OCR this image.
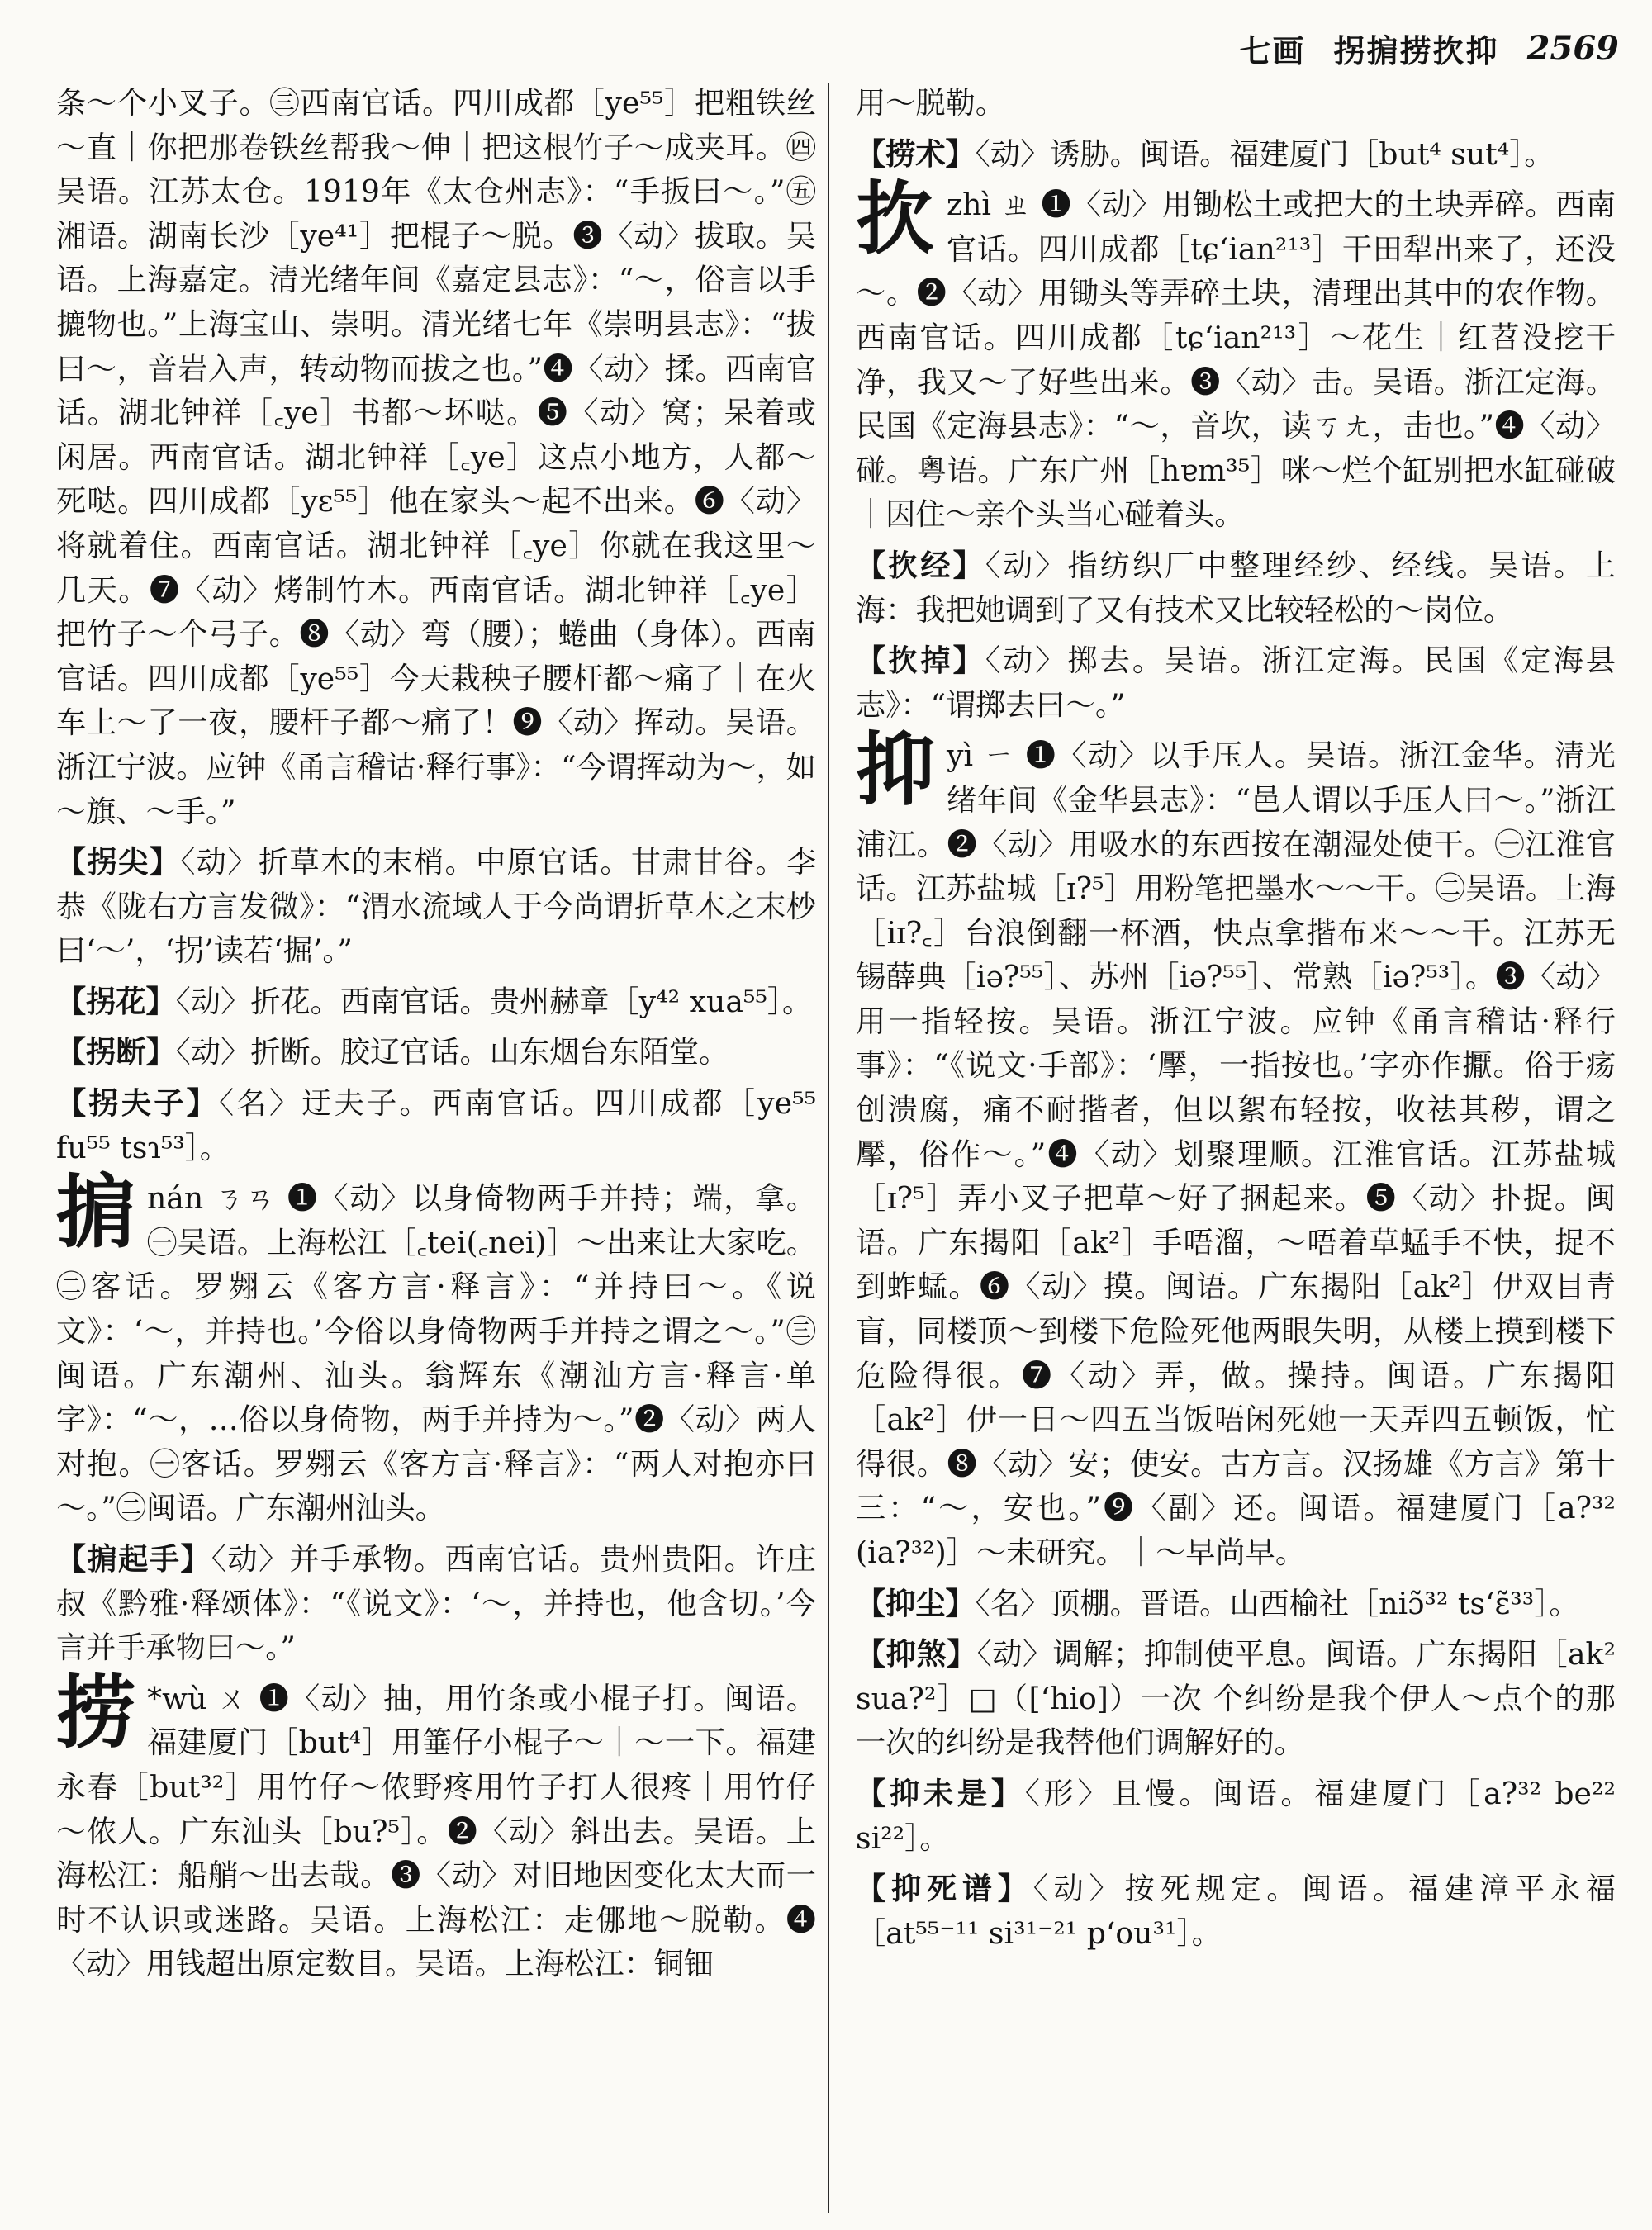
七画 拐掮捞扻抑 2569

条～个小叉子。㊂西南官话。四川成都［ye⁵⁵］把粗铁丝～直｜你把那卷铁丝帮我～伸｜把这根竹子～成夹耳。㊃吴语。江苏太仓。1919年《太仓州志》：“手扳曰～。”㊄湘语。湖南长沙［ye⁴¹］把棍子～脱。❸〈动〉拔取。吴语。上海嘉定。清光绪年间《嘉定县志》：“～，俗言以手摝物也。”上海宝山、崇明。清光绪七年《崇明县志》：“拔曰～，音岩入声，转动物而拔之也。”❹〈动〉揉。西南官话。湖北钟祥［꜀ye］书都～坏哒。❺〈动〉窝；呆着或闲居。西南官话。湖北钟祥［꜀ye］这点小地方，人都～死哒。四川成都［yɛ⁵⁵］他在家头～起不出来。❻〈动〉将就着住。西南官话。湖北钟祥［꜀ye］你就在我这里～几天。❼〈动〉烤制竹木。西南官话。湖北钟祥［꜀ye］把竹子～个弓子。❽〈动〉弯（腰）；蜷曲（身体）。西南官话。四川成都［ye⁵⁵］今天栽秧子腰杆都～痛了｜在火车上～了一夜，腰杆子都～痛了！❾〈动〉挥动。吴语。浙江宁波。应钟《甬言稽诂·释行事》：“今谓挥动为～，如～旗、～手。”

【拐尖】〈动〉折草木的末梢。中原官话。甘肃甘谷。李恭《陇右方言发微》：“渭水流域人于今尚谓折草木之末杪曰‘～’，‘拐’读若‘掘’。”

【拐花】〈动〉折花。西南官话。贵州赫章［y⁴² xua⁵⁵］。

【拐断】〈动〉折断。胶辽官话。山东烟台东陌堂。

【拐夫子】〈名〉迂夫子。西南官话。四川成都［ye⁵⁵ fu⁵⁵ tsɿ⁵³］。

掮nán ㄋㄢ ❶〈动〉以身倚物两手并持；端，拿。㊀吴语。上海松江［꜀tei(꜀nei)］～出来让大家吃。㊁客话。罗翙云《客方言·释言》：“并持曰～。《说文》：‘～，并持也。’今俗以身倚物两手并持之谓之～。”㊂闽语。广东潮州、汕头。翁辉东《潮汕方言·释言·单字》：“～，…俗以身倚物，两手并持为～。”❷〈动〉两人对抱。㊀客话。罗翙云《客方言·释言》：“两人对抱亦曰～。”㊁闽语。广东潮州汕头。

【掮起手】〈动〉并手承物。西南官话。贵州贵阳。许庄叔《黔雅·释颂体》：“《说文》：‘～，并持也，他含切。’今言并手承物曰～。”

捞 *wù ㄨ ❶〈动〉抽，用竹条或小棍子打。闽语。福建厦门［but⁴］用箠仔小棍子～｜～一下。福建永春［but³²］用竹仔～侬野疼用竹子打人很疼｜用竹仔～侬人。广东汕头［bu?⁵］。❷〈动〉斜出去。吴语。上海松江：船艄～出去哉。❸〈动〉对旧地因变化太大而一时不认识或迷路。吴语。上海松江：走㑚地～脱勒。❹〈动〉用钱超出原定数目。吴语。上海松江：铜钿

用～脱勒。

【捞术】〈动〉诱胁。闽语。福建厦门［but⁴ sut⁴］。

扻zhì ㄓ ❶〈动〉用锄松土或把大的土块弄碎。西南官话。四川成都［tɕʻian²¹³］干田犁出来了，还没～。❷〈动〉用锄头等弄碎土块，清理出其中的农作物。西南官话。四川成都［tɕʻian²¹³］～花生｜红苕没挖干净，我又～了好些出来。❸〈动〉击。吴语。浙江定海。民国《定海县志》：“～，音坎，读ㄎㄤ，击也。”❹〈动〉碰。粤语。广东广州［hɐm³⁵］咪～烂个缸别把水缸碰破｜因住～亲个头当心碰着头。

【扻经】〈动〉指纺织厂中整理经纱、经线。吴语。上海：我把她调到了又有技术又比较轻松的～岗位。

【扻掉】〈动〉掷去。吴语。浙江定海。民国《定海县志》：“谓掷去曰～。”

抑yì ㄧ ❶〈动〉以手压人。吴语。浙江金华。清光绪年间《金华县志》：“邑人谓以手压人曰～。”浙江浦江。❷〈动〉用吸水的东西按在潮湿处使干。㊀江淮官话。江苏盐城［ɪ?⁵］用粉笔把墨水～～干。㊁吴语。上海［iɪ?꜀］台浪倒翻一杯酒，快点拿揩布来～～干。江苏无锡薛典［iə?⁵⁵］、苏州［iə?⁵⁵］、常熟［iə?⁵³］。❸〈动〉用一指轻按。吴语。浙江宁波。应钟《甬言稽诂·释行事》：“《说文·手部》：‘擪，一指按也。’字亦作擫。俗于疡创溃腐，痛不耐揩者，但以絮布轻按，收祛其秽，谓之擪，俗作～。”❹〈动〉划聚理顺。江淮官话。江苏盐城［ɪ?⁵］弄小叉子把草～好了捆起来。❺〈动〉扑捉。闽语。广东揭阳［ak²］手唔溜，～唔着草蜢手不快，捉不到蚱蜢。❻〈动〉摸。闽语。广东揭阳［ak²］伊双目青盲，同楼顶～到楼下危险死他两眼失明，从楼上摸到楼下危险得很。❼〈动〉弄，做。操持。闽语。广东揭阳［ak²］伊一日～四五当饭唔闲死她一天弄四五顿饭，忙得很。❽〈动〉安；使安。古方言。汉扬雄《方言》第十三：“～，安也。”❾〈副〉还。闽语。福建厦门［a?³² (ia?³²)］～未研究。｜～早尚早。

【抑尘】〈名〉顶棚。晋语。山西榆社［niɔ̃³² tsʻɛ̃³³］。

【抑煞】〈动〉调解；抑制使平息。闽语。广东揭阳［ak² sua?²］□（[ʻhio]）一次 个纠纷是我个伊人～点个的那一次的纠纷是我替他们调解好的。

【抑未是】〈形〉且慢。闽语。福建厦门［a?³² be²² si²²］。

【抑死谱】〈动〉按死规定。闽语。福建漳平永福［at⁵⁵⁻¹¹ si³¹⁻²¹ pʻou³¹］。
